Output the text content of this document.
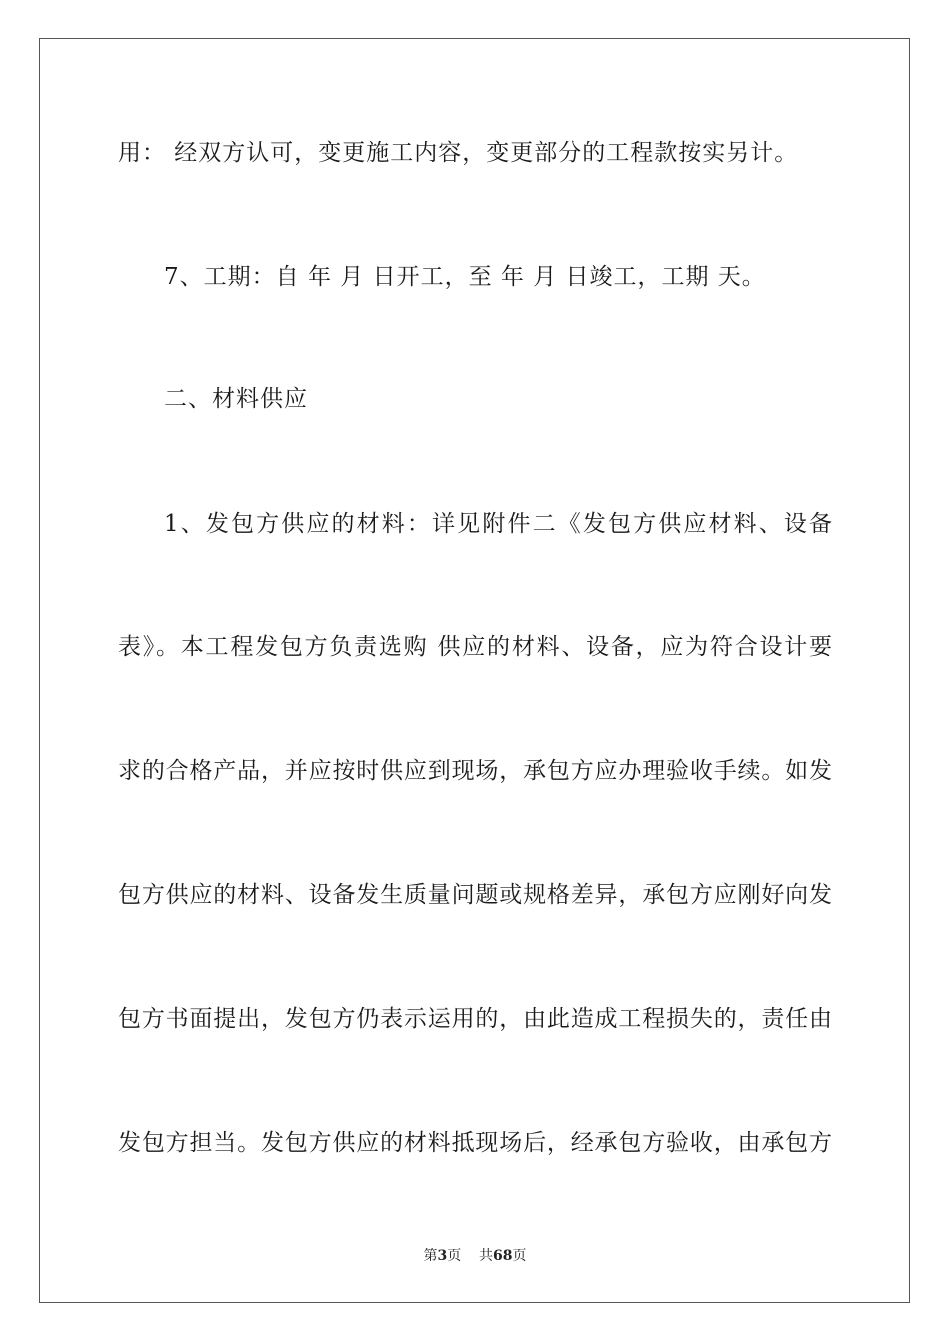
用： 经双方认可，变更施工内容，变更部分的工程款按实另计。
7、工期：自 年 月 日开工，至 年 月 日竣工，工期 天。
二、材料供应
1、发包方供应的材料：详见附件二《发包方供应材料、设备
表》。本工程发包方负责选购 供应的材料、设备，应为符合设计要
求的合格产品，并应按时供应到现场，承包方应办理验收手续。如发
包方供应的材料、设备发生质量问题或规格差异，承包方应刚好向发
包方书面提出，发包方仍表示运用的，由此造成工程损失的，责任由
发包方担当。发包方供应的材料抵现场后，经承包方验收，由承包方
第3页 共68页
